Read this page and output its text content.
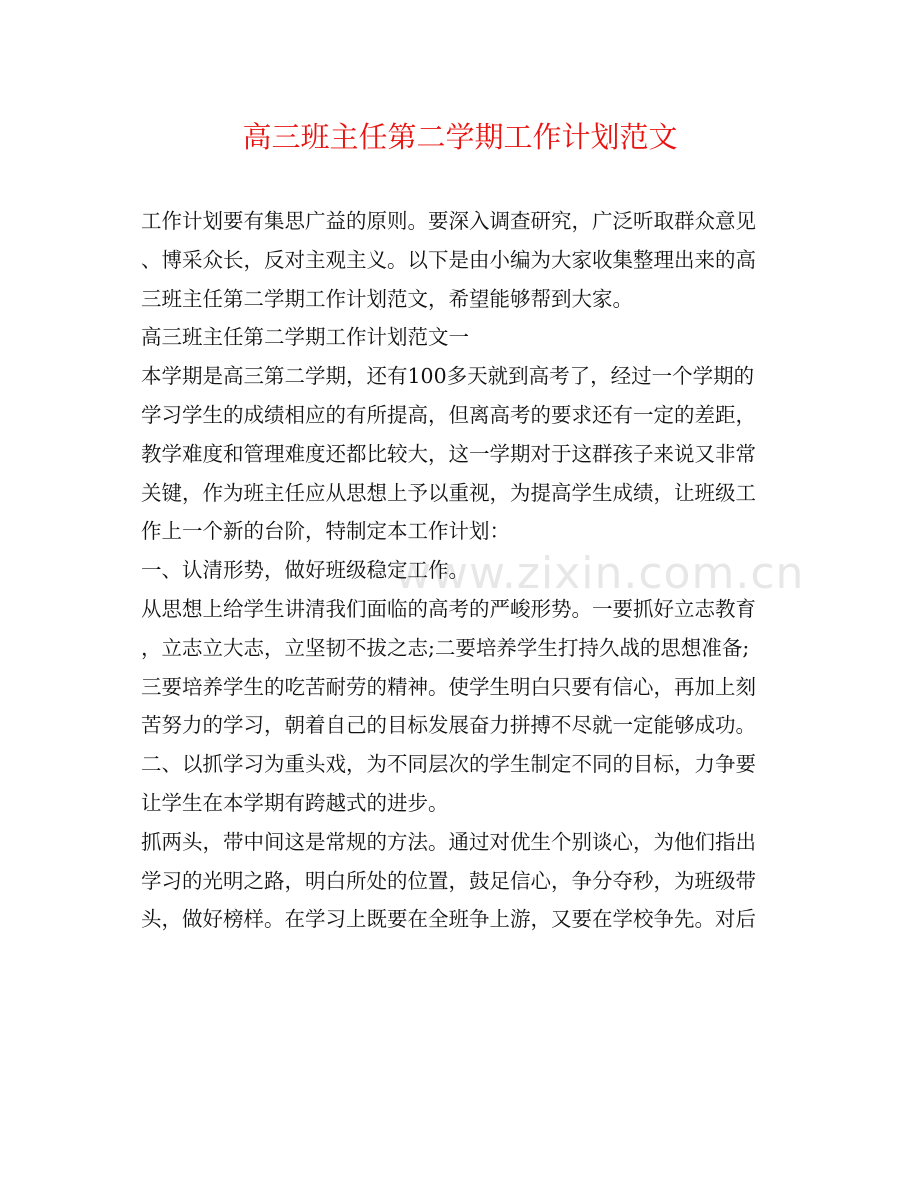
高三班主任第二学期工作计划范文
www.zixin.com.cn
工作计划要有集思广益的原则。要深入调查研究，广泛听取群众意见
、博采众长，反对主观主义。以下是由小编为大家收集整理出来的高
三班主任第二学期工作计划范文，希望能够帮到大家。
高三班主任第二学期工作计划范文一
本学期是高三第二学期，还有100多天就到高考了，经过一个学期的
学习学生的成绩相应的有所提高，但离高考的要求还有一定的差距，
教学难度和管理难度还都比较大，这一学期对于这群孩子来说又非常
关键，作为班主任应从思想上予以重视，为提高学生成绩，让班级工
作上一个新的台阶，特制定本工作计划：
一、认清形势，做好班级稳定工作。
从思想上给学生讲清我们面临的高考的严峻形势。一要抓好立志教育
，立志立大志，立坚韧不拔之志;二要培养学生打持久战的思想准备;
三要培养学生的吃苦耐劳的精神。使学生明白只要有信心，再加上刻
苦努力的学习，朝着自己的目标发展奋力拼搏不尽就一定能够成功。
二、以抓学习为重头戏，为不同层次的学生制定不同的目标，力争要
让学生在本学期有跨越式的进步。
抓两头，带中间这是常规的方法。通过对优生个别谈心，为他们指出
学习的光明之路，明白所处的位置，鼓足信心，争分夺秒，为班级带
头，做好榜样。在学习上既要在全班争上游，又要在学校争先。对后
